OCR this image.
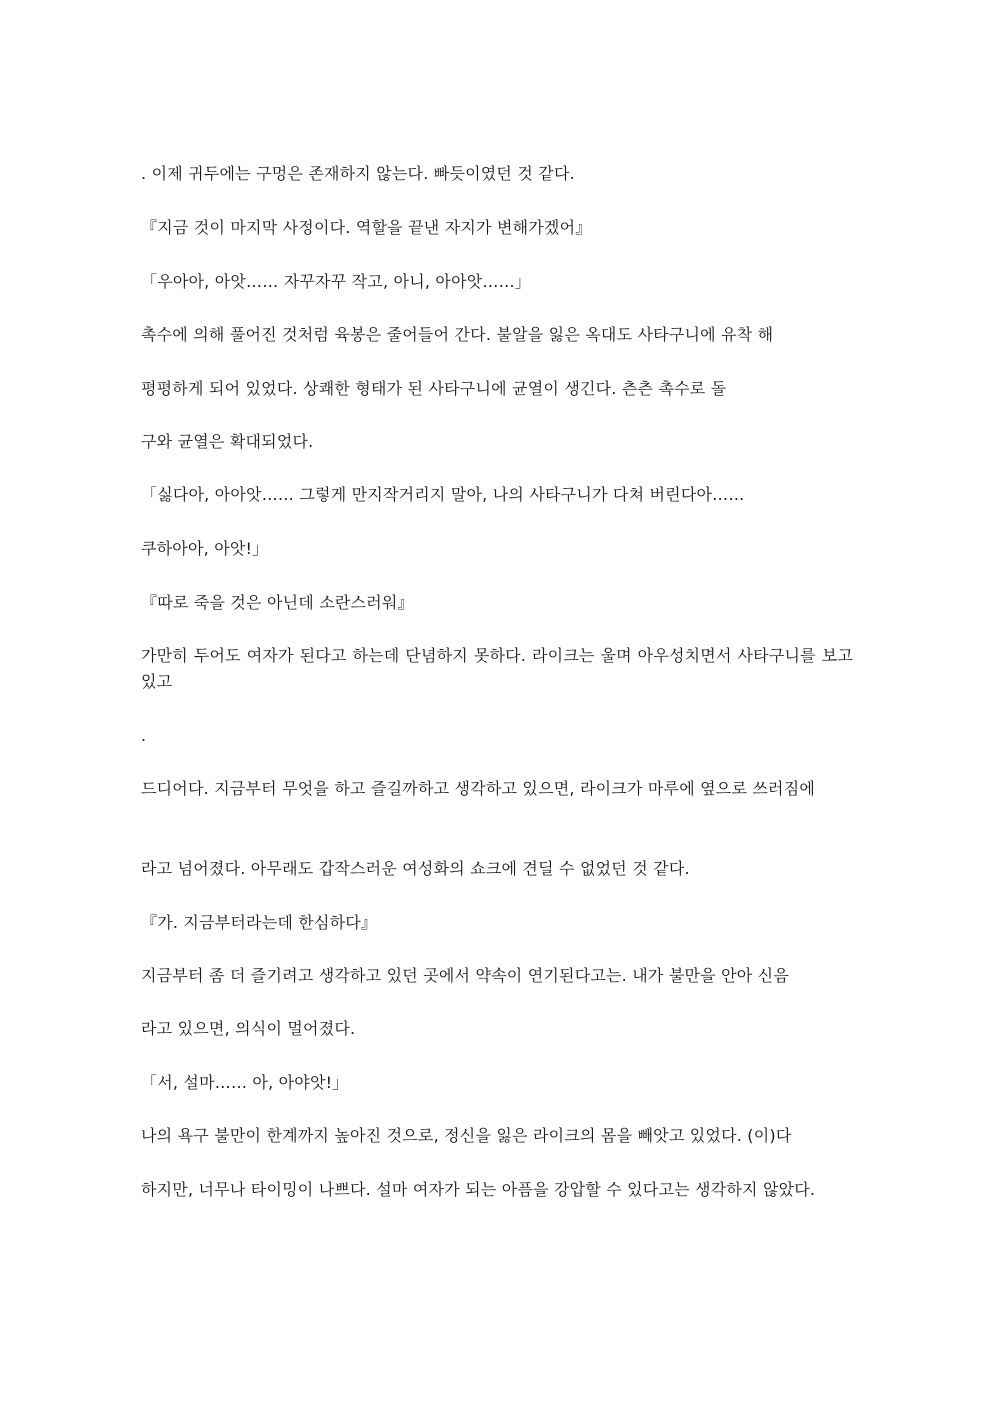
. 이제 귀두에는 구멍은 존재하지 않는다. 빠듯이였던 것 같다.

『지금 것이 마지막 사정이다. 역할을 끝낸 자지가 변해가겠어』

「우아아, 아앗…… 자꾸자꾸 작고, 아니, 아아앗……」

촉수에 의해 풀어진 것처럼 육봉은 줄어들어 간다. 불알을 잃은 옥대도 사타구니에 유착 해

평평하게 되어 있었다. 상쾌한 형태가 된 사타구니에 균열이 생긴다. 츤츤 촉수로 돌

구와 균열은 확대되었다.

「싫다아, 아아앗…… 그렇게 만지작거리지 말아, 나의 사타구니가 다쳐 버린다아……

쿠하아아, 아앗!」

『따로 죽을 것은 아닌데 소란스러워』

가만히 두어도 여자가 된다고 하는데 단념하지 못하다. 라이크는 울며 아우성치면서 사타구니를 보고 있고

.

드디어다. 지금부터 무엇을 하고 즐길까하고 생각하고 있으면, 라이크가 마루에 옆으로 쓰러짐에

라고 넘어졌다. 아무래도 갑작스러운 여성화의 쇼크에 견딜 수 없었던 것 같다.

『가. 지금부터라는데 한심하다』

지금부터 좀 더 즐기려고 생각하고 있던 곳에서 약속이 연기된다고는. 내가 불만을 안아 신음

라고 있으면, 의식이 멀어졌다.

「서, 설마…… 아, 아야앗!」

나의 욕구 불만이 한계까지 높아진 것으로, 정신을 잃은 라이크의 몸을 빼앗고 있었다. (이)다

하지만, 너무나 타이밍이 나쁘다. 설마 여자가 되는 아픔을 강압할 수 있다고는 생각하지 않았다.
